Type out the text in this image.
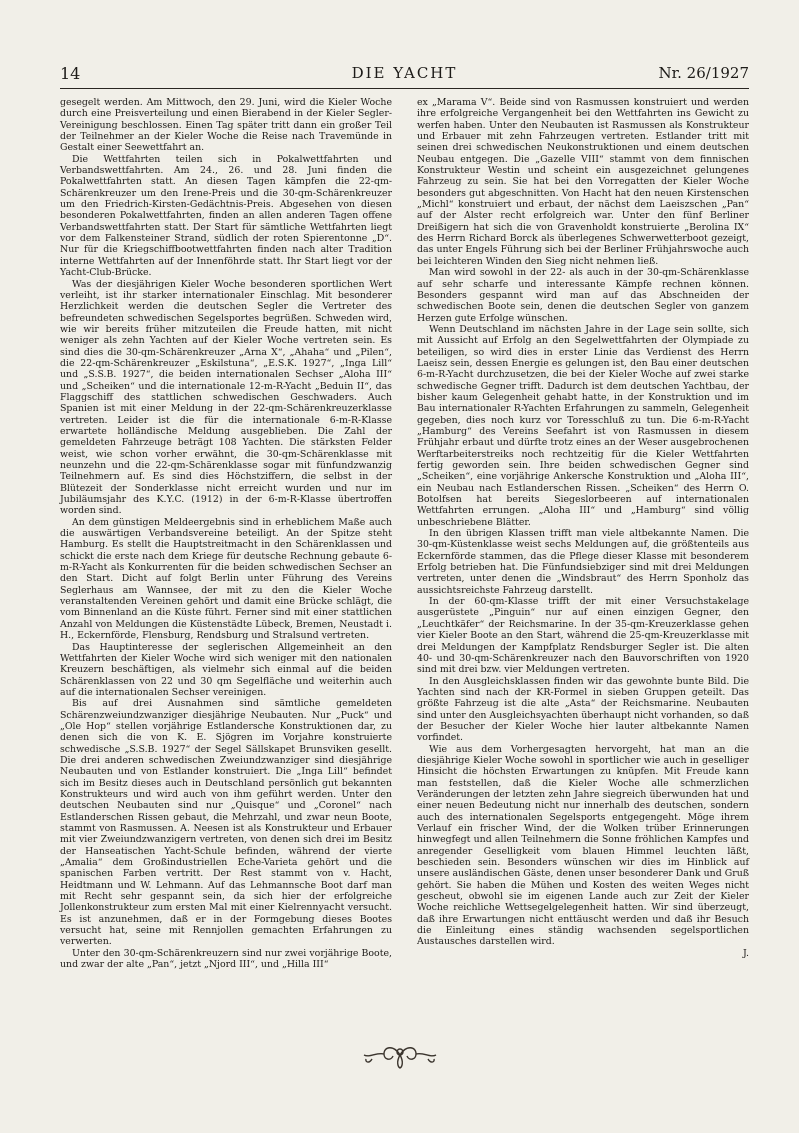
14	DIE YACHT	Nr. 26/1927

gesegelt werden. Am Mittwoch, den 29. Juni, wird die Kieler Woche durch eine Preisverteilung und einen Bierabend in der Kieler Segler-Vereinigung beschlossen. Einen Tag später tritt dann ein großer Teil der Teilnehmer an der Kieler Woche die Reise nach Travemünde in Gestalt einer Seewettfahrt an.

Die Wettfahrten teilen sich in Pokalwettfahrten und Verbandswettfahrten. Am 24., 26. und 28. Juni finden die Pokalwettfahrten statt. An diesen Tagen kämpfen die 22-qm-Schärenkreuzer um den Irene-Preis und die 30-qm-Schärenkreuzer um den Friedrich-Kirsten-Gedächtnis-Preis. Abgesehen von diesen besonderen Pokalwettfahrten, finden an allen anderen Tagen offene Verbandswettfahrten statt. Der Start für sämtliche Wettfahrten liegt vor dem Falkensteiner Strand, südlich der roten Spierentonne „D“. Nur für die Kriegschiffbootwettfahrten finden nach alter Tradition interne Wettfahrten auf der Innenföhrde statt. Ihr Start liegt vor der Yacht-Club-Brücke.

Was der diesjährigen Kieler Woche besonderen sportlichen Wert verleiht, ist ihr starker internationaler Einschlag. Mit besonderer Herzlichkeit werden die deutschen Segler die Vertreter des befreundeten schwedischen Segelsportes begrüßen. Schweden wird, wie wir bereits früher mitzuteilen die Freude hatten, mit nicht weniger als zehn Yachten auf der Kieler Woche vertreten sein. Es sind dies die 30-qm-Schärenkreuzer „Arna X“, „Ahaha“ und „Pilen“, die 22-qm-Schärenkreuzer „Eskilstuna“, „E.S.K. 1927“, „Inga Lill“ und „S.S.B. 1927“, die beiden internationalen Sechser „Aloha III“ und „Scheiken“ und die internationale 12-m-R-Yacht „Beduin II“, das Flaggschiff des stattlichen schwedischen Geschwaders. Auch Spanien ist mit einer Meldung in der 22-qm-Schärenkreuzerklasse vertreten. Leider ist die für die internationale 6-m-R-Klasse erwartete holländische Meldung ausgeblieben. Die Zahl der gemeldeten Fahrzeuge beträgt 108 Yachten. Die stärksten Felder weist, wie schon vorher erwähnt, die 30-qm-Schärenklasse mit neunzehn und die 22-qm-Schärenklasse sogar mit fünfundzwanzig Teilnehmern auf. Es sind dies Höchstziffern, die selbst in der Blütezeit der Sonderklasse nicht erreicht wurden und nur im Jubiläumsjahr des K.Y.C. (1912) in der 6-m-R-Klasse übertroffen worden sind.

An dem günstigen Meldeergebnis sind in erheblichem Maße auch die auswärtigen Verbandsvereine beteiligt. An der Spitze steht Hamburg. Es stellt die Hauptstreitmacht in den Schärenklassen und schickt die erste nach dem Kriege für deutsche Rechnung gebaute 6-m-R-Yacht als Konkurrenten für die beiden schwedischen Sechser an den Start. Dicht auf folgt Berlin unter Führung des Vereins Seglerhaus am Wannsee, der mit zu den die Kieler Woche veranstaltenden Vereinen gehört und damit eine Brücke schlägt, die vom Binnenland an die Küste führt. Ferner sind mit einer stattlichen Anzahl von Meldungen die Küstenstädte Lübeck, Bremen, Neustadt i. H., Eckernförde, Flensburg, Rendsburg und Stralsund vertreten.

Das Hauptinteresse der seglerischen Allgemeinheit an den Wettfahrten der Kieler Woche wird sich weniger mit den nationalen Kreuzern beschäftigen, als vielmehr sich einmal auf die beiden Schärenklassen von 22 und 30 qm Segelfläche und weiterhin auch auf die internationalen Sechser vereinigen.

Bis auf drei Ausnahmen sind sämtliche gemeldeten Schärenzweiundzwanziger diesjährige Neubauten. Nur „Puck“ und „Ole Hop“ stellen vorjährige Estlandersche Konstruktionen dar, zu denen sich die von K. E. Sjögren im Vorjahre konstruierte schwedische „S.S.B. 1927“ der Segel Sällskapet Brunsviken gesellt. Die drei anderen schwedischen Zweiundzwanziger sind diesjährige Neubauten und von Estlander konstruiert. Die „Inga Lill“ befindet sich im Besitz dieses auch in Deutschland persönlich gut bekannten Konstrukteurs und wird auch von ihm geführt werden. Unter den deutschen Neubauten sind nur „Quisque“ und „Coronel“ nach Estlanderschen Rissen gebaut, die Mehrzahl, und zwar neun Boote, stammt von Rasmussen. A. Neesen ist als Konstrukteur und Erbauer mit vier Zweiundzwanzigern vertreten, von denen sich drei im Besitz der Hanseatischen Yacht-Schule befinden, während der vierte „Amalia“ dem Großindustriellen Eche-Varieta gehört und die spanischen Farben vertritt. Der Rest stammt von v. Hacht, Heidtmann und W. Lehmann. Auf das Lehmannsche Boot darf man mit Recht sehr gespannt sein, da sich hier der erfolgreiche Jollenkonstrukteur zum ersten Mal mit einer Kielrennyacht versucht. Es ist anzunehmen, daß er in der Formgebung dieses Bootes versucht hat, seine mit Rennjollen gemachten Erfahrungen zu verwerten.

Unter den 30-qm-Schärenkreuzern sind nur zwei vorjährige Boote, und zwar der alte „Pan“, jetzt „Njord III“, und „Hilla III“

ex „Marama V“. Beide sind von Rasmussen konstruiert und werden ihre erfolgreiche Vergangenheit bei den Wettfahrten ins Gewicht zu werfen haben. Unter den Neubauten ist Rasmussen als Konstrukteur und Erbauer mit zehn Fahrzeugen vertreten. Estlander tritt mit seinen drei schwedischen Neukonstruktionen und einem deutschen Neubau entgegen. Die „Gazelle VIII“ stammt von dem finnischen Konstrukteur Westin und scheint ein ausgezeichnet gelungenes Fahrzeug zu sein. Sie hat bei den Vorregatten der Kieler Woche besonders gut abgeschnitten. Von Hacht hat den neuen Kirstenschen „Michl“ konstruiert und erbaut, der nächst dem Laeiszschen „Pan“ auf der Alster recht erfolgreich war. Unter den fünf Berliner Dreißigern hat sich die von Gravenholdt konstruierte „Berolina IX“ des Herrn Richard Borck als überlegenes Schwerwetterboot gezeigt, das unter Engels Führung sich bei der Berliner Frühjahrswoche auch bei leichteren Winden den Sieg nicht nehmen ließ.

Man wird sowohl in der 22- als auch in der 30-qm-Schärenklasse auf sehr scharfe und interessante Kämpfe rechnen können. Besonders gespannt wird man auf das Abschneiden der schwedischen Boote sein, denen die deutschen Segler von ganzem Herzen gute Erfolge wünschen.

Wenn Deutschland im nächsten Jahre in der Lage sein sollte, sich mit Aussicht auf Erfolg an den Segelwettfahrten der Olympiade zu beteiligen, so wird dies in erster Linie das Verdienst des Herrn Laeisz sein, dessen Energie es gelungen ist, den Bau einer deutschen 6-m-R-Yacht durchzusetzen, die bei der Kieler Woche auf zwei starke schwedische Gegner trifft. Dadurch ist dem deutschen Yachtbau, der bisher kaum Gelegenheit gehabt hatte, in der Konstruktion und im Bau internationaler R-Yachten Erfahrungen zu sammeln, Gelegenheit gegeben, dies noch kurz vor Toresschluß zu tun. Die 6-m-R-Yacht „Hamburg“ des Vereins Seefahrt ist von Rasmussen in diesem Frühjahr erbaut und dürfte trotz eines an der Weser ausgebrochenen Werftarbeiterstreiks noch rechtzeitig für die Kieler Wettfahrten fertig geworden sein. Ihre beiden schwedischen Gegner sind „Scheiken“, eine vorjährige Ankersche Konstruktion und „Aloha III“, ein Neubau nach Estlanderschen Rissen. „Scheiken“ des Herrn O. Botolfsen hat bereits Siegeslorbeeren auf internationalen Wettfahrten errungen. „Aloha III“ und „Hamburg“ sind völlig unbeschriebene Blätter.

In den übrigen Klassen trifft man viele altbekannte Namen. Die 30-qm-Küstenklasse weist sechs Meldungen auf, die größtenteils aus Eckernförde stammen, das die Pflege dieser Klasse mit besonderem Erfolg betrieben hat. Die Fünfundsiebziger sind mit drei Meldungen vertreten, unter denen die „Windsbraut“ des Herrn Sponholz das aussichtsreichste Fahrzeug darstellt.

In der 60-qm-Klasse trifft der mit einer Versuchstakelage ausgerüstete „Pinguin“ nur auf einen einzigen Gegner, den „Leuchtkäfer“ der Reichsmarine. In der 35-qm-Kreuzerklasse gehen vier Kieler Boote an den Start, während die 25-qm-Kreuzerklasse mit drei Meldungen der Kampfplatz Rendsburger Segler ist. Die alten 40- und 30-qm-Schärenkreuzer nach den Bauvorschriften von 1920 sind mit drei bzw. vier Meldungen vertreten.

In den Ausgleichsklassen finden wir das gewohnte bunte Bild. Die Yachten sind nach der KR-Formel in sieben Gruppen geteilt. Das größte Fahrzeug ist die alte „Asta“ der Reichsmarine. Neubauten sind unter den Ausgleichsyachten überhaupt nicht vorhanden, so daß der Besucher der Kieler Woche hier lauter altbekannte Namen vorfindet.

Wie aus dem Vorhergesagten hervorgeht, hat man an die diesjährige Kieler Woche sowohl in sportlicher wie auch in geselliger Hinsicht die höchsten Erwartungen zu knüpfen. Mit Freude kann man feststellen, daß die Kieler Woche alle schmerzlichen Veränderungen der letzten zehn Jahre siegreich überwunden hat und einer neuen Bedeutung nicht nur innerhalb des deutschen, sondern auch des internationalen Segelsports entgegengeht. Möge ihrem Verlauf ein frischer Wind, der die Wolken trüber Erinnerungen hinwegfegt und allen Teilnehmern die Sonne fröhlichen Kampfes und anregender Geselligkeit vom blauen Himmel leuchten läßt, beschieden sein. Besonders wünschen wir dies im Hinblick auf unsere ausländischen Gäste, denen unser besonderer Dank und Gruß gehört. Sie haben die Mühen und Kosten des weiten Weges nicht gescheut, obwohl sie im eigenen Lande auch zur Zeit der Kieler Woche reichliche Wettsegelgelegenheit hatten. Wir sind überzeugt, daß ihre Erwartungen nicht enttäuscht werden und daß ihr Besuch die Einleitung eines ständig wachsenden segelsportlichen Austausches darstellen wird.

J.
